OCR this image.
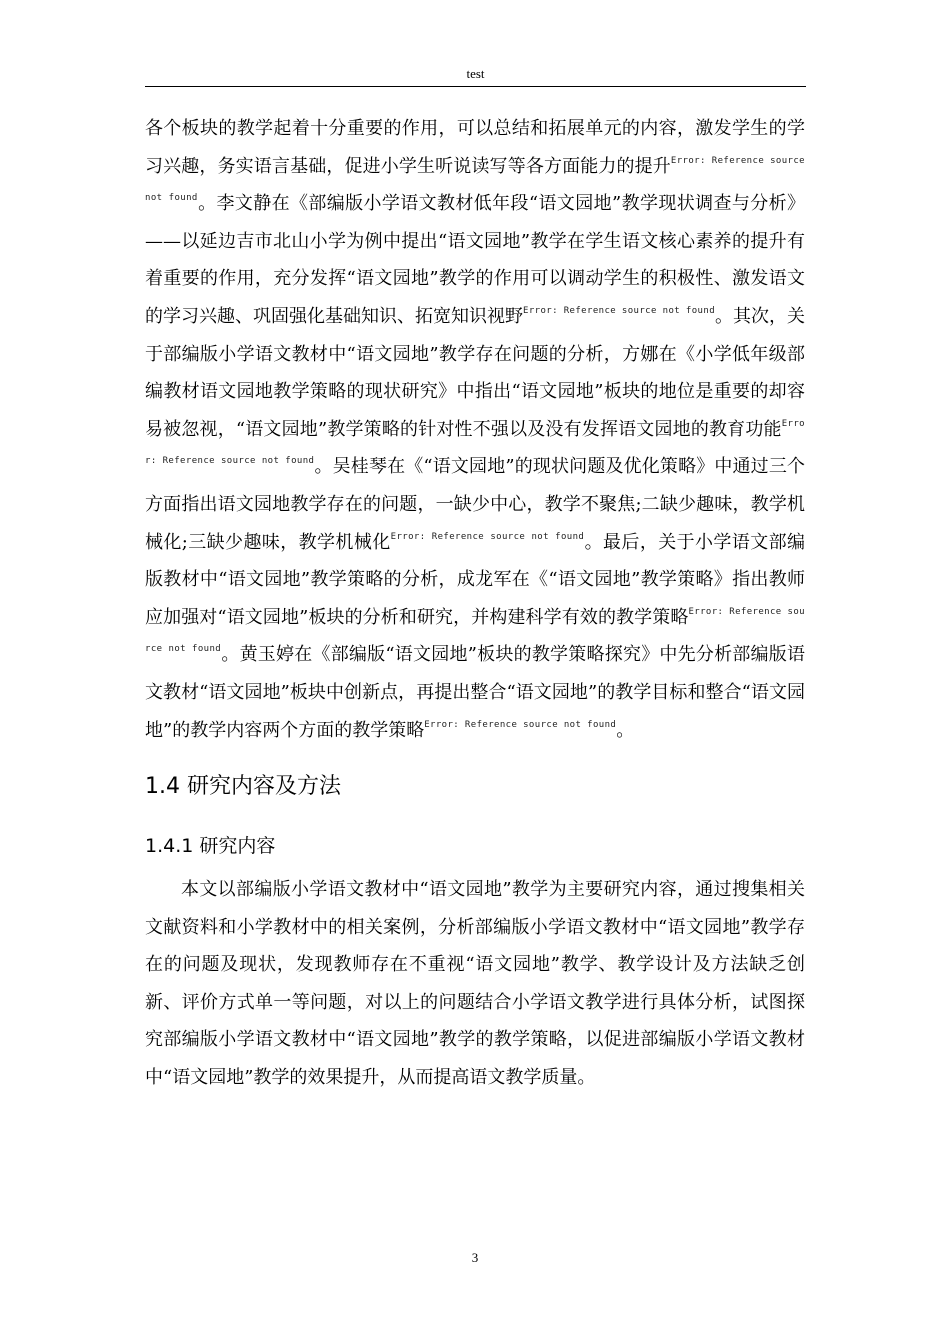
test

各个板块的教学起着十分重要的作用，可以总结和拓展单元的内容，激发学生的学习兴趣，务实语言基础，促进小学生听说读写等各方面能力的提升$^{Error: Reference source not found}$。李文静在《部编版小学语文教材低年段“语文园地”教学现状调查与分析》——以延边吉市北山小学为例中提出“语文园地”教学在学生语文核心素养的提升有着重要的作用，充分发挥“语文园地”教学的作用可以调动学生的积极性、激发语文的学习兴趣、巩固强化基础知识、拓宽知识视野$^{Error: Reference source not found}$。其次，关于部编版小学语文教材中“语文园地”教学存在问题的分析，方娜在《小学低年级部编教材语文园地教学策略的现状研究》中指出“语文园地”板块的地位是重要的却容易被忽视，“语文园地”教学策略的针对性不强以及没有发挥语文园地的教育功能$^{Error: Reference source not found}$。吴桂琴在《“语文园地”的现状问题及优化策略》中通过三个方面指出语文园地教学存在的问题，一缺少中心，教学不聚焦;二缺少趣味，教学机械化;三缺少趣味，教学机械化$^{Error: Reference source not found}$。最后，关于小学语文部编版教材中“语文园地”教学策略的分析，成龙军在《“语文园地”教学策略》指出教师应加强对“语文园地”板块的分析和研究，并构建科学有效的教学策略$^{Error: Reference source not found}$。黄玉婷在《部编版“语文园地”板块的教学策略探究》中先分析部编版语文教材“语文园地”板块中创新点，再提出整合“语文园地”的教学目标和整合“语文园地”的教学内容两个方面的教学策略$^{Error: Reference source not found}$。

1.4 研究内容及方法
1.4.1 研究内容

本文以部编版小学语文教材中“语文园地”教学为主要研究内容，通过搜集相关文献资料和小学教材中的相关案例，分析部编版小学语文教材中“语文园地”教学存在的问题及现状，发现教师存在不重视“语文园地”教学、教学设计及方法缺乏创新、评价方式单一等问题，对以上的问题结合小学语文教学进行具体分析，试图探究部编版小学语文教材中“语文园地”教学的教学策略，以促进部编版小学语文教材中“语文园地”教学的效果提升，从而提高语文教学质量。

3
